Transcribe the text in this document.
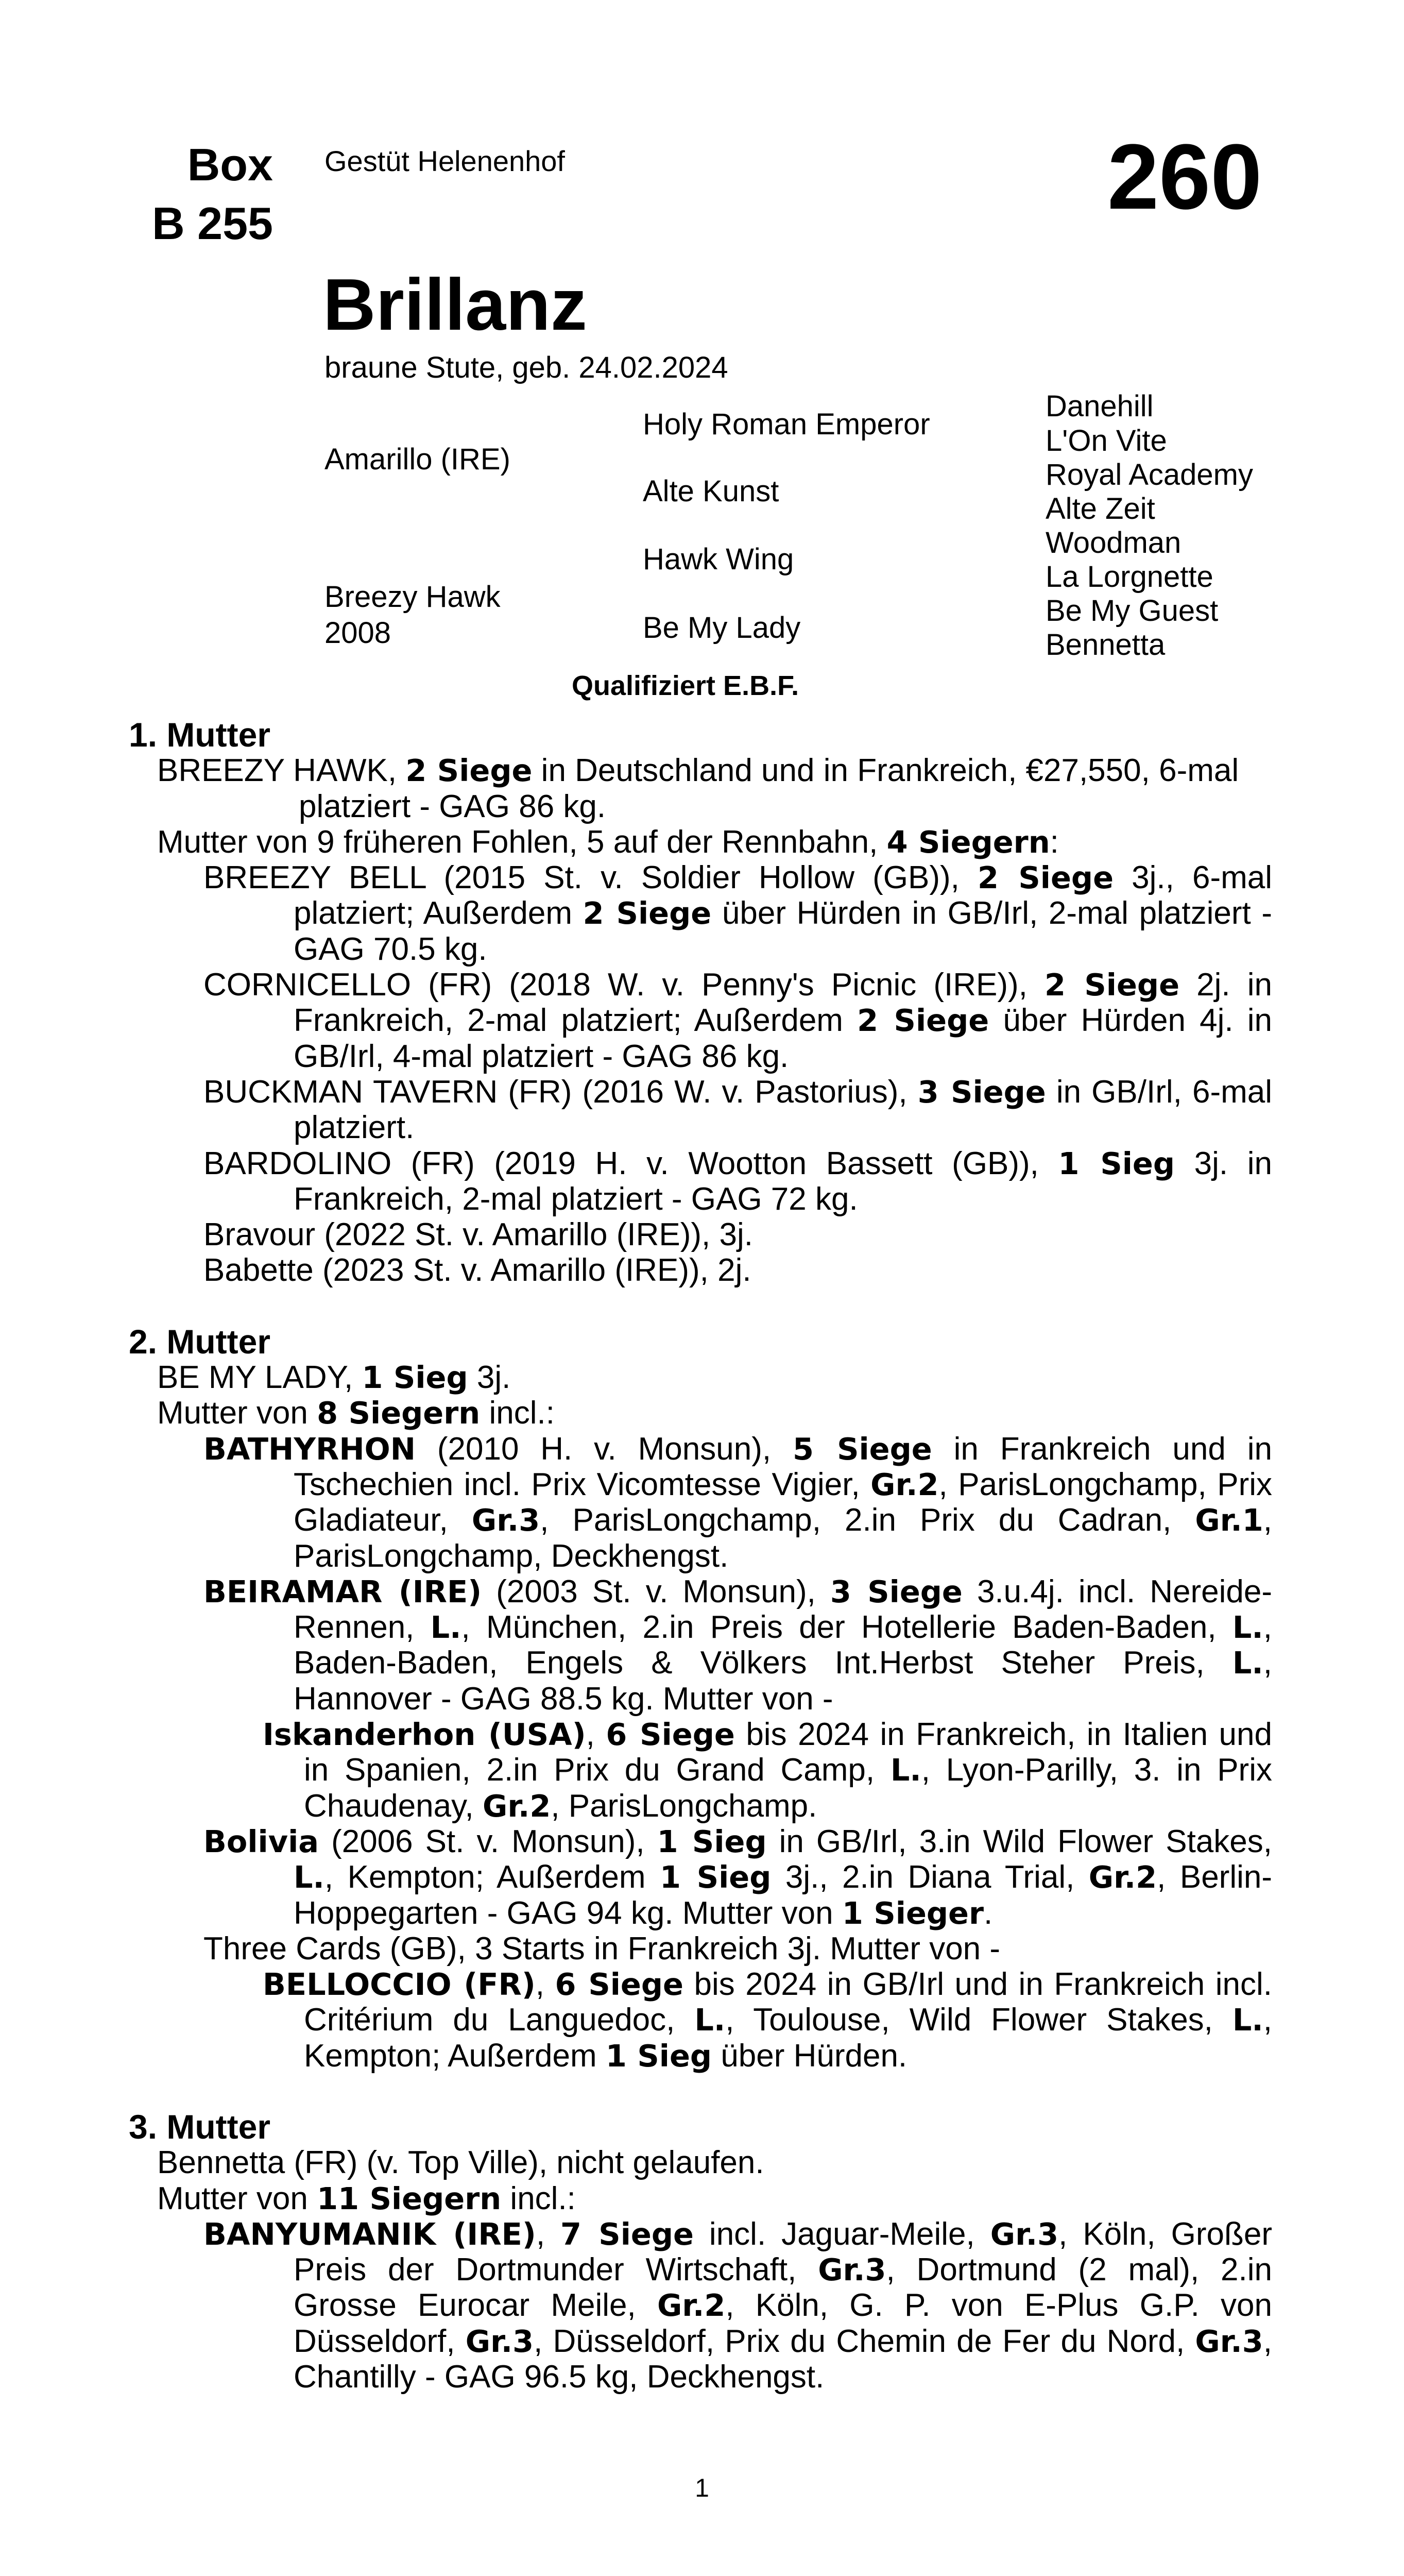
Box
B 255
Gestüt Helenenhof	260
Brillanz
braune Stute, geb. 24.02.2024
Amarillo (IRE)
Breezy Hawk
2008
Holy Roman Emperor
Alte Kunst
Hawk Wing
Be My Lady
Danehill
L'On Vite
Royal Academy
Alte Zeit
Woodman
La Lorgnette
Be My Guest
Bennetta
Qualifiziert E.B.F.

1. Mutter

BREEZY HAWK, 2 Siege in Deutschland und in Frankreich, €27,550, 6-mal platziert - GAG 86 kg.

Mutter von 9 früheren Fohlen, 5 auf der Rennbahn, 4 Siegern:

BREEZY BELL (2015 St. v. Soldier Hollow (GB)), 2 Siege 3j., 6-mal platziert; Außerdem 2 Siege über Hürden in GB/Irl, 2-mal platziert - GAG 70.5 kg.

CORNICELLO (FR) (2018 W. v. Penny's Picnic (IRE)), 2 Siege 2j. in Frankreich, 2-mal platziert; Außerdem 2 Siege über Hürden 4j. in GB/Irl, 4-mal platziert - GAG 86 kg.

BUCKMAN TAVERN (FR) (2016 W. v. Pastorius), 3 Siege in GB/Irl, 6-mal platziert.

BARDOLINO (FR) (2019 H. v. Wootton Bassett (GB)), 1 Sieg 3j. in Frankreich, 2-mal platziert - GAG 72 kg.

Bravour (2022 St. v. Amarillo (IRE)), 3j.

Babette (2023 St. v. Amarillo (IRE)), 2j.

2. Mutter

BE MY LADY, 1 Sieg 3j.

Mutter von 8 Siegern incl.:

BATHYRHON (2010 H. v. Monsun), 5 Siege in Frankreich und in Tschechien incl. Prix Vicomtesse Vigier, Gr.2, ParisLongchamp, Prix Gladiateur, Gr.3, ParisLongchamp, 2.in Prix du Cadran, Gr.1, ParisLongchamp, Deckhengst.

BEIRAMAR (IRE) (2003 St. v. Monsun), 3 Siege 3.u.4j. incl. Nereide-Rennen, L., München, 2.in Preis der Hotellerie Baden-Baden, L., Baden-Baden, Engels & Völkers Int.Herbst Steher Preis, L., Hannover - GAG 88.5 kg. Mutter von -

Iskanderhon (USA), 6 Siege bis 2024 in Frankreich, in Italien und in Spanien, 2.in Prix du Grand Camp, L., Lyon-Parilly, 3. in Prix Chaudenay, Gr.2, ParisLongchamp.

Bolivia (2006 St. v. Monsun), 1 Sieg in GB/Irl, 3.in Wild Flower Stakes, L., Kempton; Außerdem 1 Sieg 3j., 2.in Diana Trial, Gr.2, Berlin-Hoppegarten - GAG 94 kg. Mutter von 1 Sieger.

Three Cards (GB), 3 Starts in Frankreich 3j. Mutter von -

BELLOCCIO (FR), 6 Siege bis 2024 in GB/Irl und in Frankreich incl. Critérium du Languedoc, L., Toulouse, Wild Flower Stakes, L., Kempton; Außerdem 1 Sieg über Hürden.

3. Mutter

Bennetta (FR) (v. Top Ville), nicht gelaufen.

Mutter von 11 Siegern incl.:

BANYUMANIK (IRE), 7 Siege incl. Jaguar-Meile, Gr.3, Köln, Großer Preis der Dortmunder Wirtschaft, Gr.3, Dortmund (2 mal), 2.in Grosse Eurocar Meile, Gr.2, Köln, G. P. von E-Plus G.P. von Düsseldorf, Gr.3, Düsseldorf, Prix du Chemin de Fer du Nord, Gr.3, Chantilly - GAG 96.5 kg, Deckhengst.

1
